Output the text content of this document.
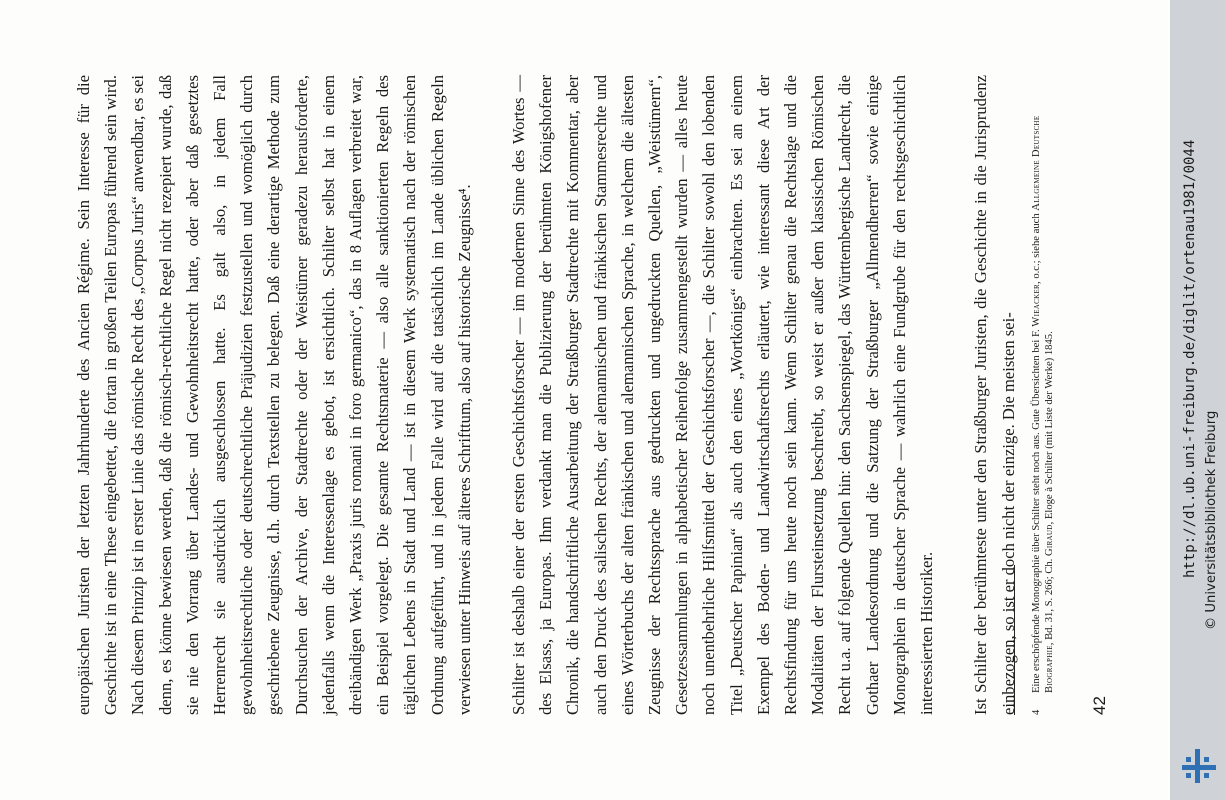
europäischen Juristen der letzten Jahrhunderte des Ancien Régime. Sein Interesse für die Geschichte ist in eine These eingebettet, die fortan in großen Teilen Europas führend sein wird. Nach diesem Prinzip ist in erster Linie das römische Recht des „Corpus Juris“ anwendbar, es sei denn, es könne bewiesen werden, daß die römisch-rechtliche Regel nicht rezepiert wurde, daß sie nie den Vorrang über Landes- und Gewohnheitsrecht hatte, oder aber daß gesetztes Herrenrecht sie ausdrücklich ausgeschlossen hatte. Es galt also, in jedem Fall gewohnheitsrechtliche oder deutschrechtliche Präjudizien festzustellen und womöglich durch geschriebene Zeugnisse, d.h. durch Textstellen zu belegen. Daß eine derartige Methode zum Durchsuchen der Archive, der Stadtrechte oder der Weistümer geradezu herausforderte, jedenfalls wenn die Interessenlage es gebot, ist ersichtlich. Schilter selbst hat in einem dreibändigen Werk „Praxis juris romani in foro germanico“, das in 8 Auflagen verbreitet war, ein Beispiel vorgelegt. Die gesamte Rechtsmaterie — also alle sanktionierten Regeln des täglichen Lebens in Stadt und Land — ist in diesem Werk systematisch nach der römischen Ordnung aufgeführt, und in jedem Falle wird auf die tatsächlich im Lande üblichen Regeln verwiesen unter Hinweis auf älteres Schrifttum, also auf historische Zeugnisse⁴. Schilter ist deshalb einer der ersten Geschichtsforscher — im modernen Sinne des Wortes — des Elsass, ja Europas. Ihm verdankt man die Publizierung der berühmten Königshofener Chronik, die handschriftliche Ausarbeitung der Straßburger Stadtrechte mit Kommentar, aber auch den Druck des salischen Rechts, der alemannischen und fränkischen Stammesrechte und eines Wörterbuchs der alten fränkischen und alemannischen Sprache, in welchem die ältesten Zeugnisse der Rechtssprache aus gedruckten und ungedruckten Quellen, „Weistümern“, Gesetzessammlungen in alphabetischer Reihenfolge zusammengestellt wurden — alles heute noch unentbehrliche Hilfsmittel der Geschichtsforscher —, die Schilter sowohl den lobenden Titel „Deutscher Papinian“ als auch den eines „Wortkönigs“ einbrachten. Es sei an einem Exempel des Boden- und Landwirtschaftsrechts erläutert, wie interessant diese Art der Rechtsfindung für uns heute noch sein kann. Wenn Schilter genau die Rechtslage und die Modalitäten der Flursteinsetzung beschreibt, so weist er außer dem klassischen Römischen Recht u.a. auf folgende Quellen hin: den Sachsenspiegel, das Württembergische Landrecht, die Gothaer Landesordnung und die Satzung der Straßburger „Allmendherren“ sowie einige Monographien in deutscher Sprache — wahrlich eine Fundgrube für den rechtsgeschichtlich interessierten Historiker. Ist Schilter der berühmteste unter den Straßburger Juristen, die Geschichte in die Jurisprudenz einbezogen, so ist er doch nicht der einzige. Die meisten sei-	4Eine erschöpfende Monographie über Schilter steht noch aus. Gute Übersichten bei F. Wieacker, o.c.; siehe auch Allgemeine Deutsche Biographie, Bd. 31, S. 266; Ch. Giraud, Eloge à Schilter (mit Liste der Werke) 1845.
42
http://dl.ub.uni-freiburg.de/diglit/ortenau1981/0044 © Universitätsbibliothek Freiburg
